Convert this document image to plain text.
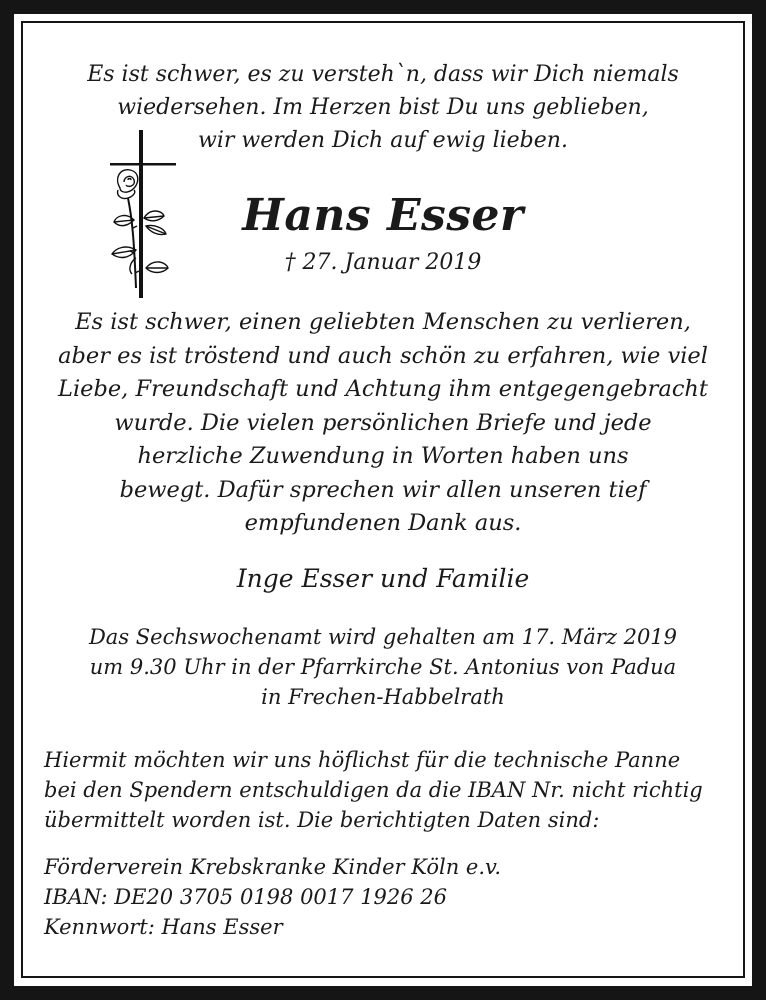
Es ist schwer, es zu versteh`n, dass wir Dich niemals
wiedersehen. Im Herzen bist Du uns geblieben,
wir werden Dich auf ewig lieben.
Hans Esser
† 27. Januar 2019
Es ist schwer, einen geliebten Menschen zu verlieren,
aber es ist tröstend und auch schön zu erfahren, wie viel
Liebe, Freundschaft und Achtung ihm entgegengebracht
wurde. Die vielen persönlichen Briefe und jede
herzliche Zuwendung in Worten haben uns
bewegt. Dafür sprechen wir allen unseren tief
empfundenen Dank aus.
Inge Esser und Familie
Das Sechswochenamt wird gehalten am 17. März 2019
um 9.30 Uhr in der Pfarrkirche St. Antonius von Padua
in Frechen-Habbelrath
Hiermit möchten wir uns höflichst für die technische Panne
bei den Spendern entschuldigen da die IBAN Nr. nicht richtig
übermittelt worden ist. Die berichtigten Daten sind:
Förderverein Krebskranke Kinder Köln e.v.
IBAN: DE20 3705 0198 0017 1926 26
Kennwort: Hans Esser
